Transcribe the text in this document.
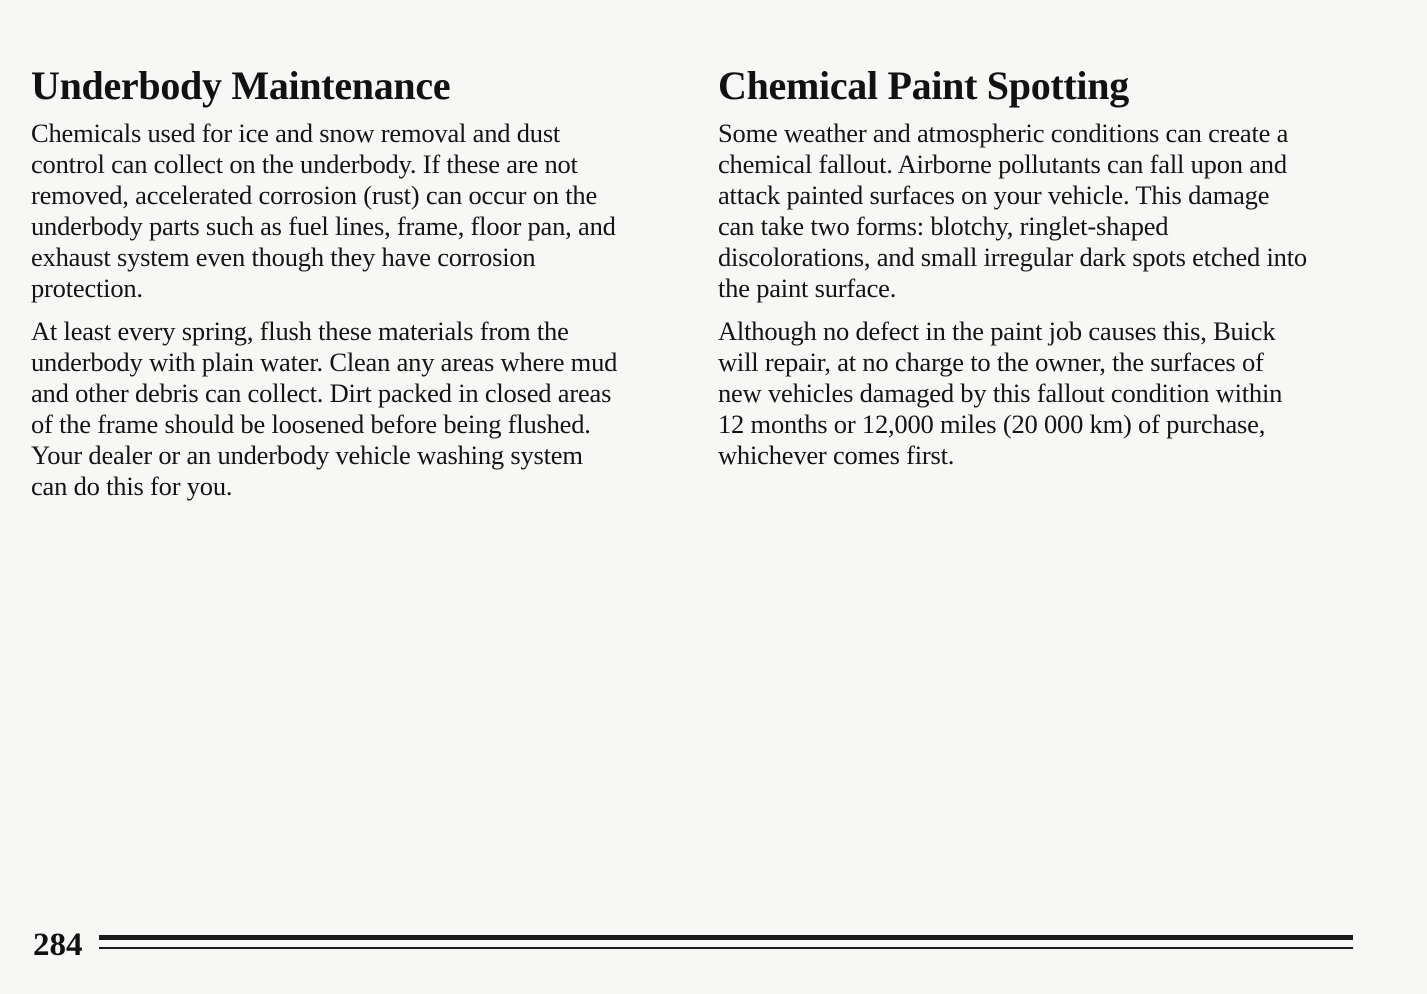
Underbody Maintenance

Chemicals used for ice and snow removal and dust
control can collect on the underbody. If these are not
removed, accelerated corrosion (rust) can occur on the
underbody parts such as fuel lines, frame, floor pan, and
exhaust system even though they have corrosion
protection.

At least every spring, flush these materials from the
underbody with plain water. Clean any areas where mud
and other debris can collect. Dirt packed in closed areas
of the frame should be loosened before being flushed.
Your dealer or an underbody vehicle washing system
can do this for you.

Chemical Paint Spotting

Some weather and atmospheric conditions can create a
chemical fallout. Airborne pollutants can fall upon and
attack painted surfaces on your vehicle. This damage
can take two forms: blotchy, ringlet-shaped
discolorations, and small irregular dark spots etched into
the paint surface.

Although no defect in the paint job causes this, Buick
will repair, at no charge to the owner, the surfaces of
new vehicles damaged by this fallout condition within
12 months or 12,000 miles (20 000 km) of purchase,
whichever comes first.

284
